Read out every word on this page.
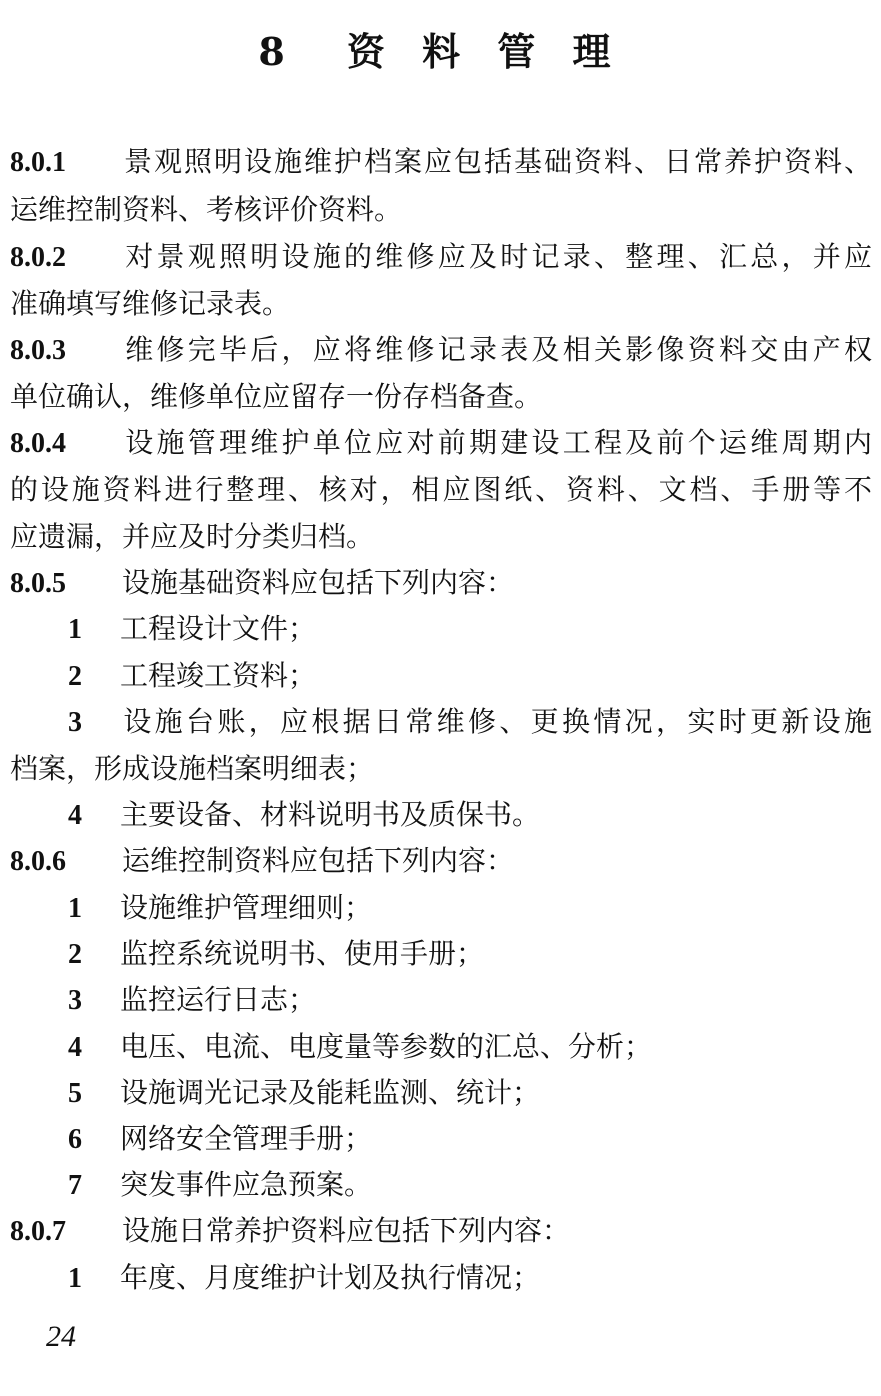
8　资 料 管 理
8.0.1 景观照明设施维护档案应包括基础资料、日常养护资料、
运维控制资料、考核评价资料。
8.0.2 对景观照明设施的维修应及时记录、整理、汇总，并应
准确填写维修记录表。
8.0.3 维修完毕后，应将维修记录表及相关影像资料交由产权
单位确认，维修单位应留存一份存档备查。
8.0.4 设施管理维护单位应对前期建设工程及前个运维周期内
的设施资料进行整理、核对，相应图纸、资料、文档、手册等不
应遗漏，并应及时分类归档。
8.0.5 设施基础资料应包括下列内容：
1 工程设计文件；
2 工程竣工资料；
3 设施台账，应根据日常维修、更换情况，实时更新设施
档案，形成设施档案明细表；
4 主要设备、材料说明书及质保书。
8.0.6 运维控制资料应包括下列内容：
1 设施维护管理细则；
2 监控系统说明书、使用手册；
3 监控运行日志；
4 电压、电流、电度量等参数的汇总、分析；
5 设施调光记录及能耗监测、统计；
6 网络安全管理手册；
7 突发事件应急预案。
8.0.7 设施日常养护资料应包括下列内容：
1 年度、月度维护计划及执行情况；
24
